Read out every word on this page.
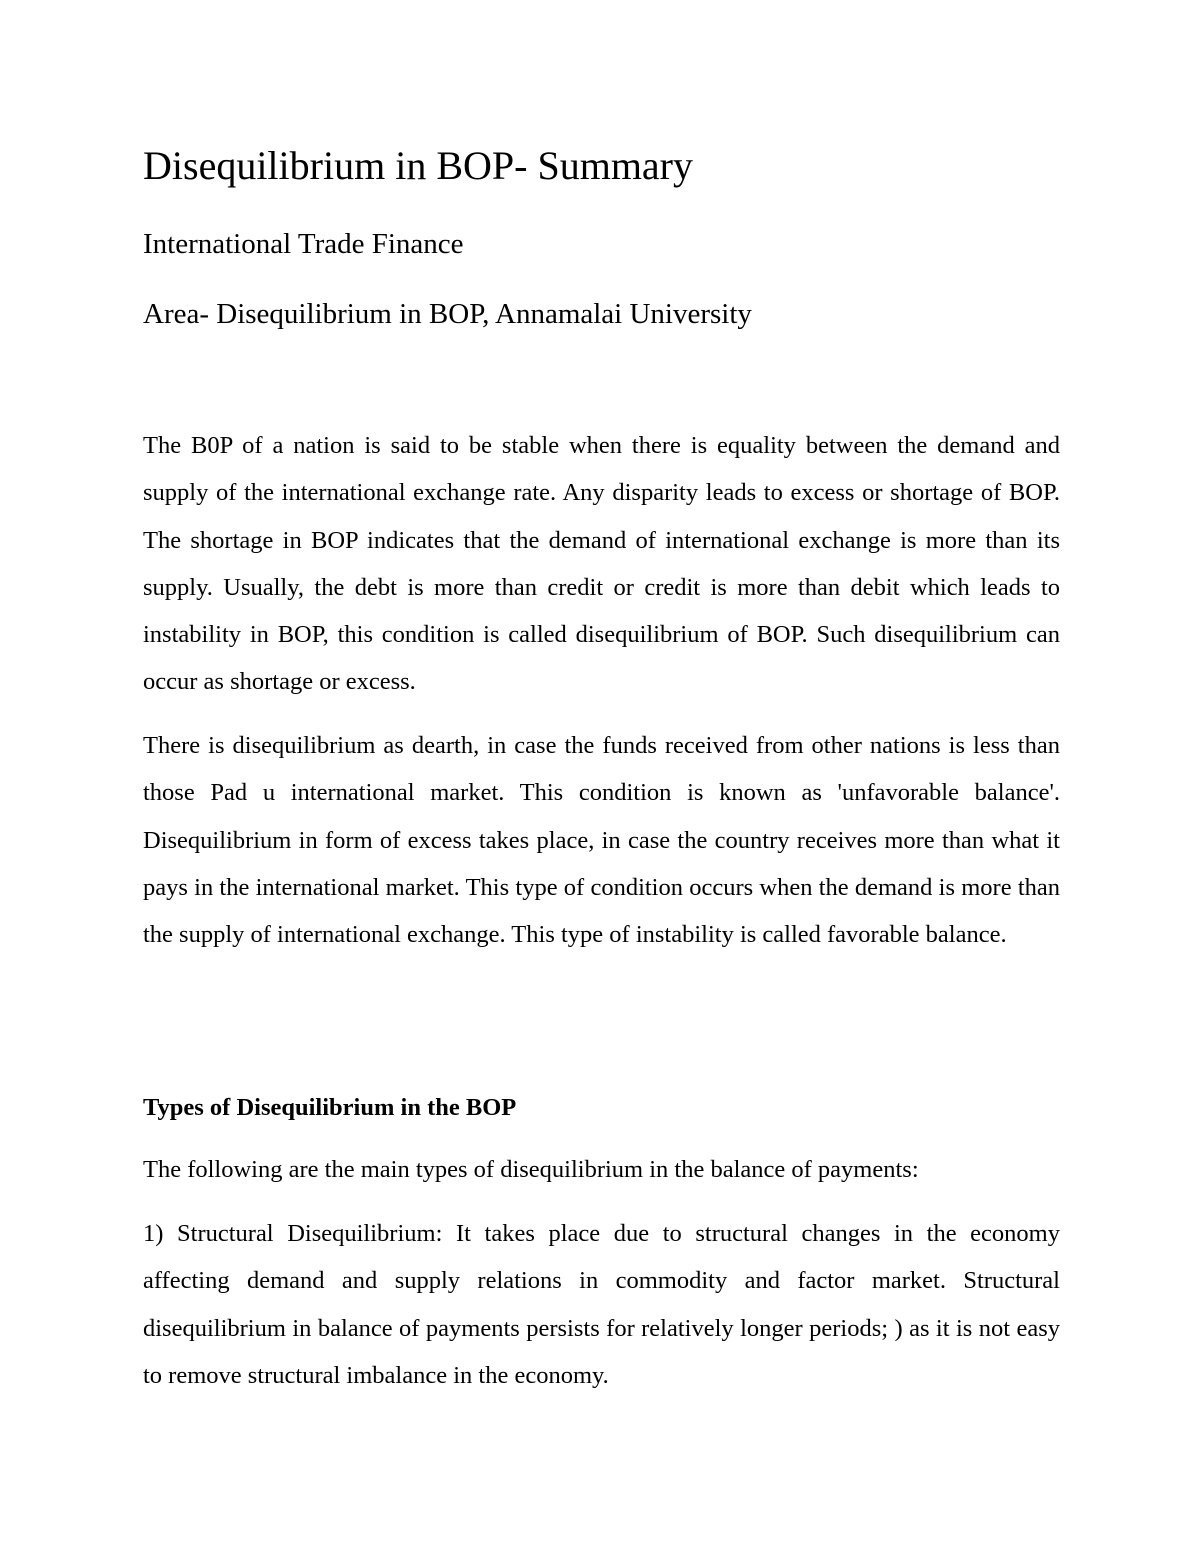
Disequilibrium in BOP- Summary
International Trade Finance
Area- Disequilibrium in BOP, Annamalai University

The B0P of a nation is said to be stable when there is equality between the demand and supply of the international exchange rate. Any disparity leads to excess or shortage of BOP. The shortage in BOP indicates that the demand of international exchange is more than its supply. Usually, the debt is more than credit or credit is more than debit which leads to instability in BOP, this condition is called disequilibrium of BOP. Such disequilibrium can occur as shortage or excess.

There is disequilibrium as dearth, in case the funds received from other nations is less than those Pad u international market. This condition is known as 'unfavorable balance'. Disequilibrium in form of excess takes place, in case the country receives more than what it pays in the international market. This type of condition occurs when the demand is more than the supply of international exchange. This type of instability is called favorable balance.

Types of Disequilibrium in the BOP
The following are the main types of disequilibrium in the balance of payments:

1) Structural Disequilibrium: It takes place due to structural changes in the economy affecting demand and supply relations in commodity and factor market. Structural disequilibrium in balance of payments persists for relatively longer periods; ) as it is not easy to remove structural imbalance in the economy.
